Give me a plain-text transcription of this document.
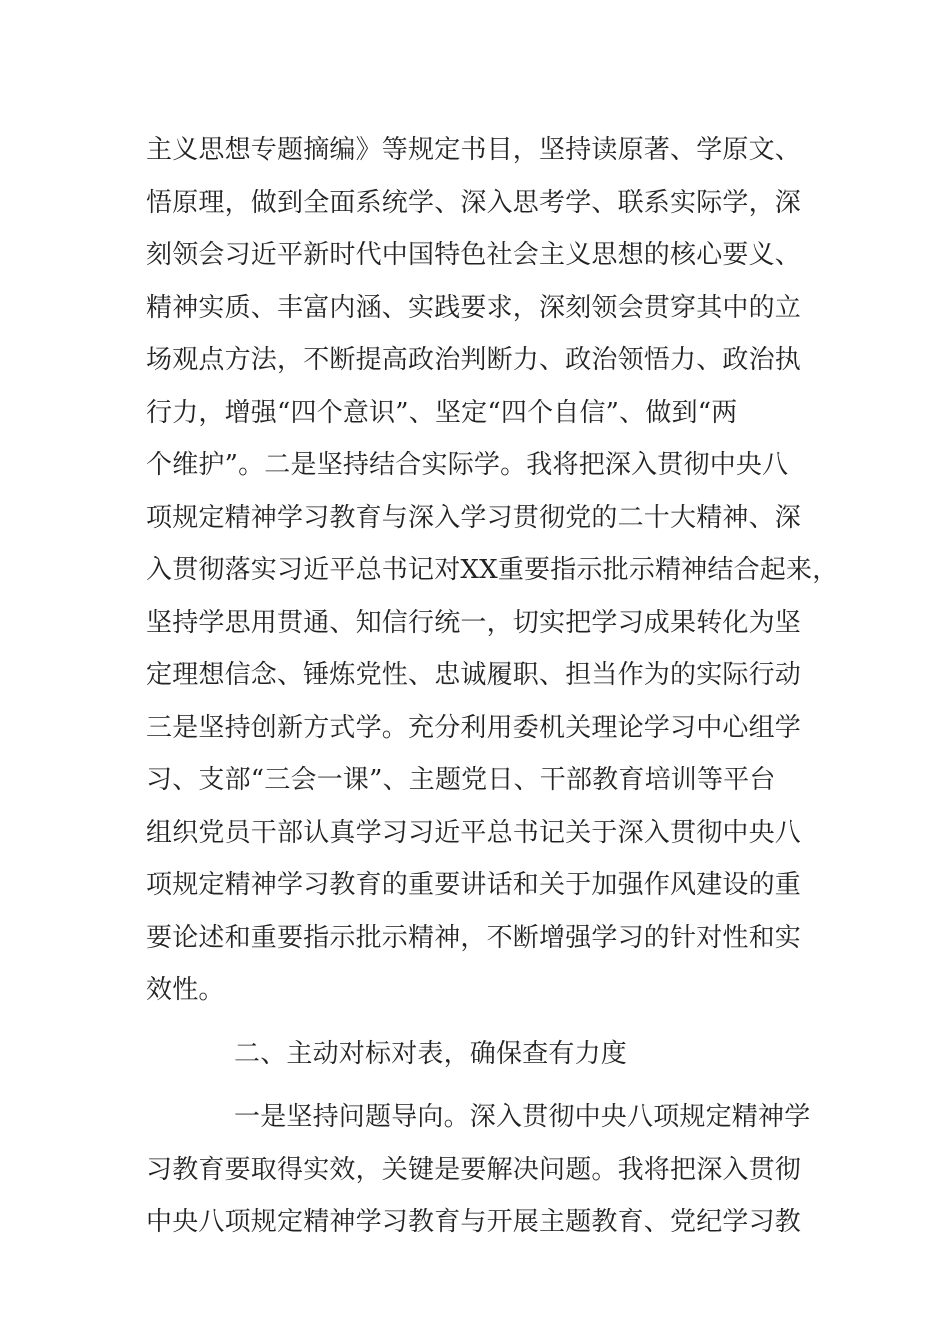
主义思想专题摘编》等规定书目，坚持读原著、学原文、
悟原理，做到全面系统学、深入思考学、联系实际学，深
刻领会习近平新时代中国特色社会主义思想的核心要义、
精神实质、丰富内涵、实践要求，深刻领会贯穿其中的立
场观点方法，不断提高政治判断力、政治领悟力、政治执
行力，增强“四个意识”、坚定“四个自信”、做到“两
个维护”。二是坚持结合实际学。我将把深入贯彻中央八
项规定精神学习教育与深入学习贯彻党的二十大精神、深
入贯彻落实习近平总书记对XX重要指示批示精神结合起来，
坚持学思用贯通、知信行统一，切实把学习成果转化为坚
定理想信念、锤炼党性、忠诚履职、担当作为的实际行动
三是坚持创新方式学。充分利用委机关理论学习中心组学
习、支部“三会一课”、主题党日、干部教育培训等平台
组织党员干部认真学习习近平总书记关于深入贯彻中央八
项规定精神学习教育的重要讲话和关于加强作风建设的重
要论述和重要指示批示精神，不断增强学习的针对性和实
效性。
二、主动对标对表，确保查有力度
一是坚持问题导向。深入贯彻中央八项规定精神学
习教育要取得实效，关键是要解决问题。我将把深入贯彻
中央八项规定精神学习教育与开展主题教育、党纪学习教
